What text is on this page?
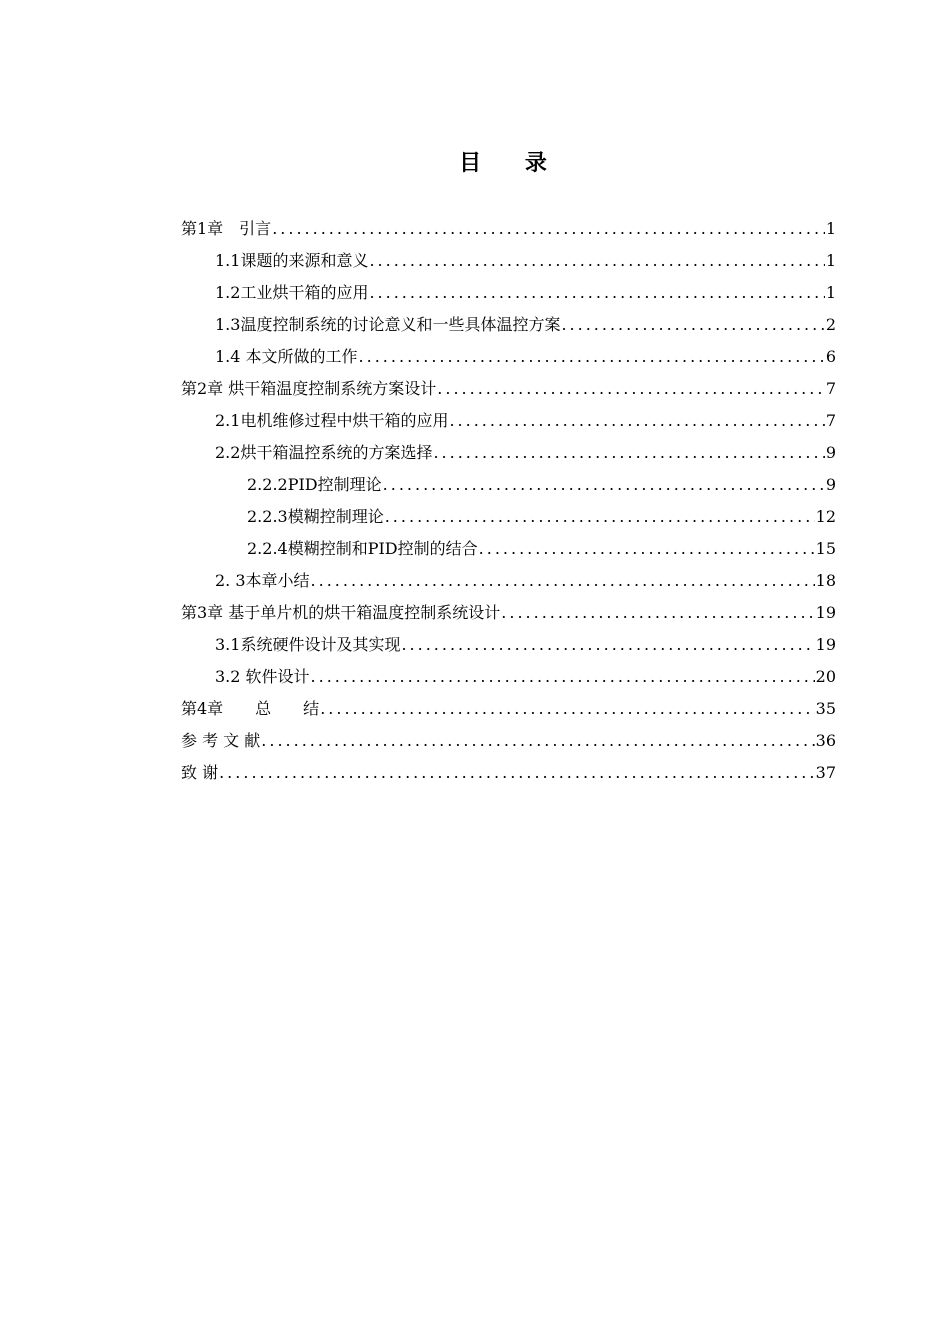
目 录
第1章　引言 .....	1
1.1课题的来源和意义 .....	1
1.2工业烘干箱的应用 .....	1
1.3温度控制系统的讨论意义和一些具体温控方案 .....	2
1.4 本文所做的工作 .....	6
第2章 烘干箱温度控制系统方案设计 .....	7
2.1电机维修过程中烘干箱的应用 .....	7
2.2烘干箱温控系统的方案选择 .....	9
2.2.2PID控制理论 .....	9
2.2.3模糊控制理论 .....	12
2.2.4模糊控制和PID控制的结合 .....	15
2. 3本章小结 .....	18
第3章 基于单片机的烘干箱温度控制系统设计 .....	19
3.1系统硬件设计及其实现 .....	19
3.2 软件设计 .....	20
第4章　　总　　结 .....	35
参 考 文 献 .....	36
致 谢 .....	37
